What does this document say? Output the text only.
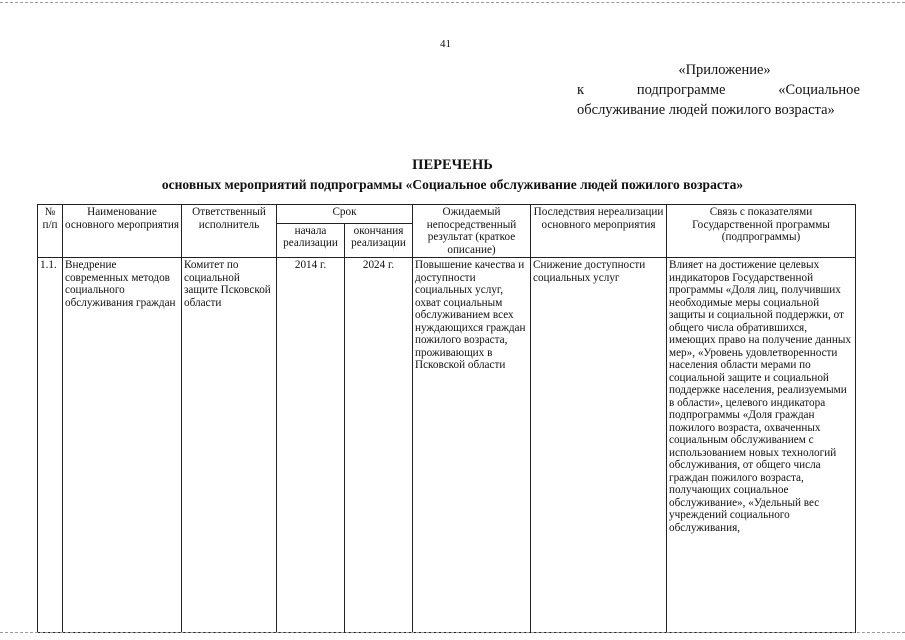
41
«Приложение»
к	подпрограмме	«Социальное
обслуживание людей пожилого возраста»
ПЕРЕЧЕНЬ
основных мероприятий подпрограммы «Социальное обслуживание людей пожилого возраста»
№ п/п	Наименование основного мероприятия	Ответственный исполнитель	Срок		Ожидаемый непосредственный результат (краткое описание)	Последствия нереализации основного мероприятия	Связь с показателями Государственной программы (подпрограммы)
			начала реализации	окончания реализации			
1.1.	Внедрение современных методов социального обслуживания граждан	Комитет по социальной защите Псковской области	2014 г.	2024 г.	Повышение качества и доступности социальных услуг, охват социальным обслуживанием всех нуждающихся граждан пожилого возраста, проживающих в Псковской области	Снижение доступности социальных услуг	Влияет на достижение целевых индикаторов Государственной программы «Доля лиц, получивших необходимые меры социальной защиты и социальной поддержки, от общего числа обратившихся, имеющих право на получение данных мер», «Уровень удовлетворенности населения области мерами по социальной защите и социальной поддержке населения, реализуемыми в области», целевого индикатора подпрограммы «Доля граждан пожилого возраста, охваченных социальным обслуживанием с использованием новых технологий обслуживания, от общего числа граждан пожилого возраста, получающих социальное обслуживание», «Удельный вес учреждений социального обслуживания,
